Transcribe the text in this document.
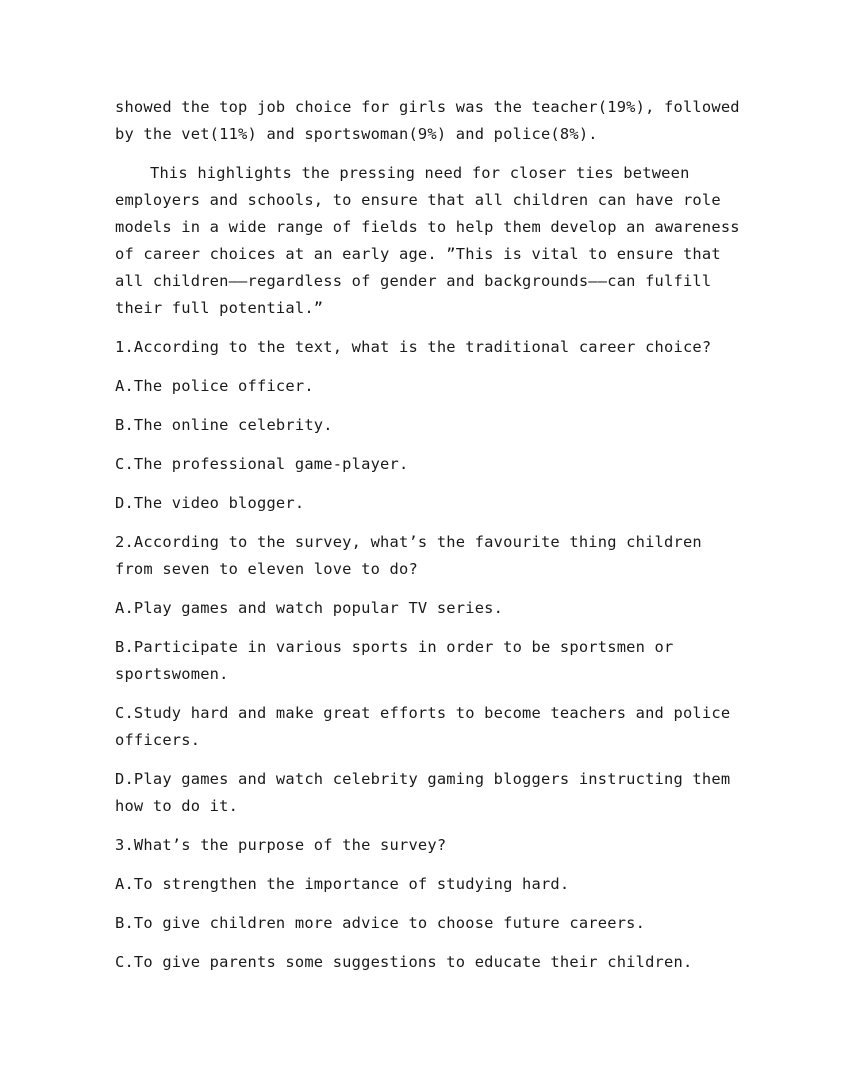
showed the top job choice for girls was the teacher(19%), followed by the vet(11%) and sportswoman(9%) and police(8%).

This highlights the pressing need for closer ties between employers and schools, to ensure that all children can have role models in a wide range of fields to help them develop an awareness of career choices at an early age. ”This is vital to ensure that all children——regardless of gender and backgrounds——can fulfill their full potential.”

1.According to the text, what is the traditional career choice?

A.The police officer.

B.The online celebrity.

C.The professional game-player.

D.The video blogger.

2.According to the survey, what’s the favourite thing children from seven to eleven love to do?

A.Play games and watch popular TV series.

B.Participate in various sports in order to be sportsmen or sportswomen.

C.Study hard and make great efforts to become teachers and police officers.

D.Play games and watch celebrity gaming bloggers instructing them how to do it.

3.What’s the purpose of the survey?

A.To strengthen the importance of studying hard.

B.To give children more advice to choose future careers.

C.To give parents some suggestions to educate their children.
